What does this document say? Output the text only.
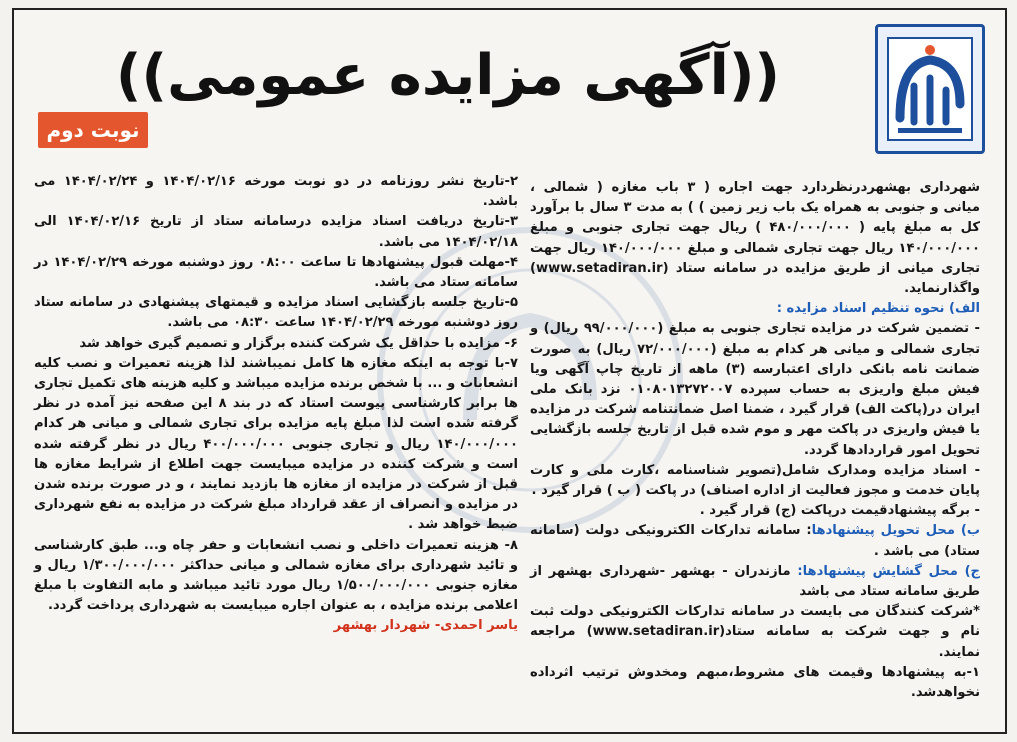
((آگهی مزایده عمومی))
نوبت دوم

شهرداری بهشهردرنظردارد جهت اجاره ( ۳ باب مغازه ( شمالی ، میانی و جنوبی به همراه یک باب زیر زمین ) ) به مدت ۳ سال با برآورد کل به مبلغ پایه ( ۴۸۰/۰۰۰/۰۰۰ ) ریال جهت تجاری جنوبی و مبلغ ۱۴۰/۰۰۰/۰۰۰ ریال جهت تجاری شمالی و مبلغ ۱۴۰/۰۰۰/۰۰۰ ریال جهت تجاری میانی از طریق مزایده در سامانه ستاد (www.setadiran.ir) واگذارنماید.

الف) نحوه تنظیم اسناد مزایده :

- تضمین شرکت در مزایده تجاری جنوبی به مبلغ (۹۹/۰۰۰/۰۰۰ ریال) و تجاری شمالی و میانی هر کدام به مبلغ (۷۲/۰۰۰/۰۰۰ ریال) به صورت ضمانت نامه بانکی دارای اعتبارسه (۳) ماهه از تاریخ چاپ آگهی ویا فیش مبلغ واریزی به حساب سپرده ۰۱۰۸۰۱۳۲۷۲۰۰۷ نزد بانک ملی ایران در(پاکت الف) قرار گیرد ، ضمنا اصل ضمانتنامه شرکت در مزایده یا فیش واریزی در پاکت مهر و موم شده قبل از تاریخ جلسه بازگشایی تحویل امور قراردادها گردد.

- اسناد مزایده ومدارک شامل(تصویر شناسنامه ،کارت ملی و کارت پایان خدمت و مجوز فعالیت از اداره اصناف) در پاکت ( ب ) قرار گیرد .

- برگه پیشنهادقیمت درپاکت (ج) قرار گیرد .

ب) محل تحویل پیشنهادها: سامانه تدارکات الکترونیکی دولت (سامانه ستاد) می باشد .

ج) محل گشایش پیشنهادها: مازندران - بهشهر -شهرداری بهشهر از طریق سامانه ستاد می باشد

*شرکت کنندگان می بایست در سامانه تدارکات الکترونیکی دولت ثبت نام و جهت شرکت به سامانه ستاد(www.setadiran.ir) مراجعه نمایند.

۱-به پیشنهادها وقیمت های مشروط،مبهم ومخدوش ترتیب اثرداده نخواهدشد.

۲-تاریخ نشر روزنامه در دو نوبت مورخه ۱۴۰۴/۰۲/۱۶ و ۱۴۰۴/۰۲/۲۴ می باشد.

۳-تاریخ دریافت اسناد مزایده درسامانه ستاد از تاریخ ۱۴۰۴/۰۲/۱۶ الی ۱۴۰۴/۰۲/۱۸ می باشد.

۴-مهلت قبول پیشنهادها تا ساعت ۰۸:۰۰ روز دوشنبه مورخه ۱۴۰۴/۰۲/۲۹ در سامانه ستاد می باشد.

۵-تاریخ جلسه بازگشایی اسناد مزایده و قیمتهای پیشنهادی در سامانه ستاد روز دوشنبه مورخه ۱۴۰۴/۰۲/۲۹ ساعت ۰۸:۳۰ می باشد.

۶- مزایده با حداقل یک شرکت کننده برگزار و تصمیم گیری خواهد شد

۷-با توجه به اینکه مغازه ها کامل نمیباشند لذا هزینه تعمیرات و نصب کلیه انشعابات و ... با شخص برنده مزایده میباشد و کلیه هزینه های تکمیل تجاری ها برابر کارشناسی پیوست استاد که در بند ۸ این صفحه نیز آمده در نظر گرفته شده است لذا مبلغ پایه مزایده برای تجاری شمالی و میانی هر کدام ۱۴۰/۰۰۰/۰۰۰ ریال و تجاری جنوبی ۴۰۰/۰۰۰/۰۰۰ ریال در نظر گرفته شده است و شرکت کننده در مزایده میبایست جهت اطلاع از شرایط مغازه ها قبل از شرکت در مزایده از مغازه ها بازدید نمایند ، و در صورت برنده شدن در مزایده و انصراف از عقد قرارداد مبلغ شرکت در مزایده به نفع شهرداری ضبط خواهد شد .

۸- هزینه تعمیرات داخلی و نصب انشعابات و حفر چاه و... طبق کارشناسی و تائید شهرداری برای مغازه شمالی و میانی حداکثر ۱/۳۰۰/۰۰۰/۰۰۰ ریال و مغازه جنوبی ۱/۵۰۰/۰۰۰/۰۰۰ ریال مورد تائید میباشد و مابه التفاوت با مبلغ اعلامی برنده مزایده ، به عنوان اجاره میبایست به شهرداری پرداخت گردد.

یاسر احمدی- شهردار بهشهر
